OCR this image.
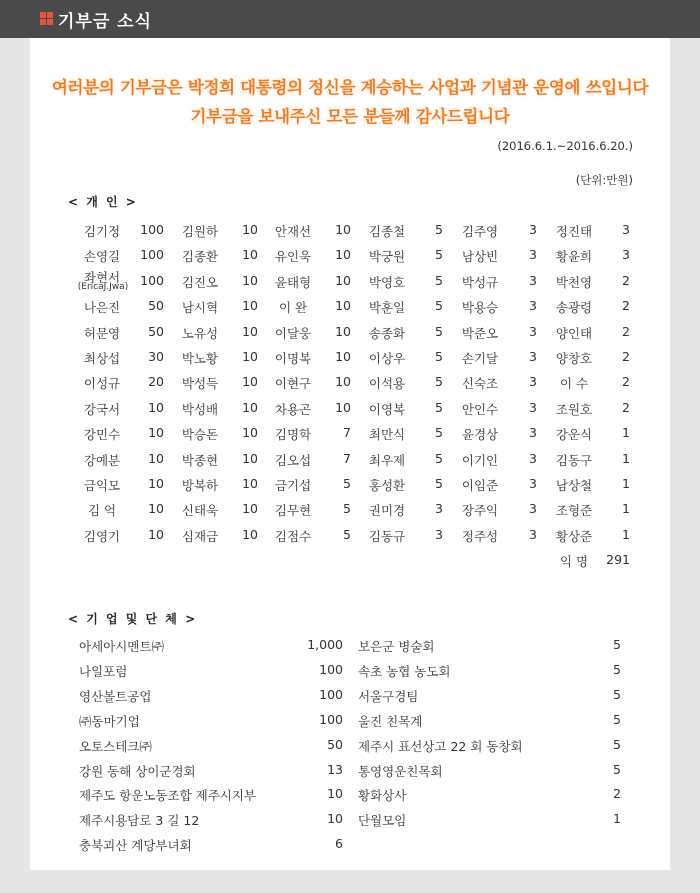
기부금 소식
여러분의 기부금은 박정희 대통령의 정신을 계승하는 사업과 기념관 운영에 쓰입니다
기부금을 보내주신 모든 분들께 감사드립니다
(2016.6.1.~2016.6.20.)
(단위:만원)
< 개 인 >
김기정	100	김원하	10	안재선	10	김종철	5	김주영	3	정진태	3
손영길	100	김종환	10	유인욱	10	박궁원	5	남상빈	3	황윤희	3
좌현서	100	김진오	10	윤태형	10	박영호	5	박성규	3	박천영	2
(EricaJ.Jwa)
나은진	50	남시혁	10	이 완	10	박훈일	5	박용승	3	송광령	2
허문영	50	노유성	10	이달웅	10	송종화	5	박준오	3	양인태	2
최상섭	30	박노황	10	이명복	10	이상우	5	손기달	3	양창호	2
이성규	20	박성득	10	이현구	10	이석용	5	신숙조	3	이 수	2
강국서	10	박성배	10	차용곤	10	이영복	5	안인수	3	조원호	2
강민수	10	박승돈	10	김명학	7	최만식	5	윤경상	3	강운식	1
강예분	10	박종현	10	김오섭	7	최우제	5	이기인	3	김동구	1
금익모	10	방복하	10	금기섭	5	홍성환	5	이임준	3	남상철	1
김 억	10	신태욱	10	김무현	5	권미경	3	장주익	3	조형준	1
김영기	10	심재금	10	김점수	5	김동규	3	정주성	3	황상준	1
익 명	291
< 기 업 및 단 체 >
아세아시멘트㈜	1,000
나일포럼	100
영산볼트공업	100
㈜동마기업	100
오토스테크㈜	50
강원 동해 상이군경회	13
제주도 항운노동조합 제주시지부	10
제주시용담로 3 길 12	10
충북괴산 계당부녀회	6
보은군 병술회	5
속초 농협 농도회	5
서울구경팀	5
울진 친목계	5
제주시 표선상고 22 회 동창회	5
통영영운친목회	5
황화상사	2
단월모임	1
